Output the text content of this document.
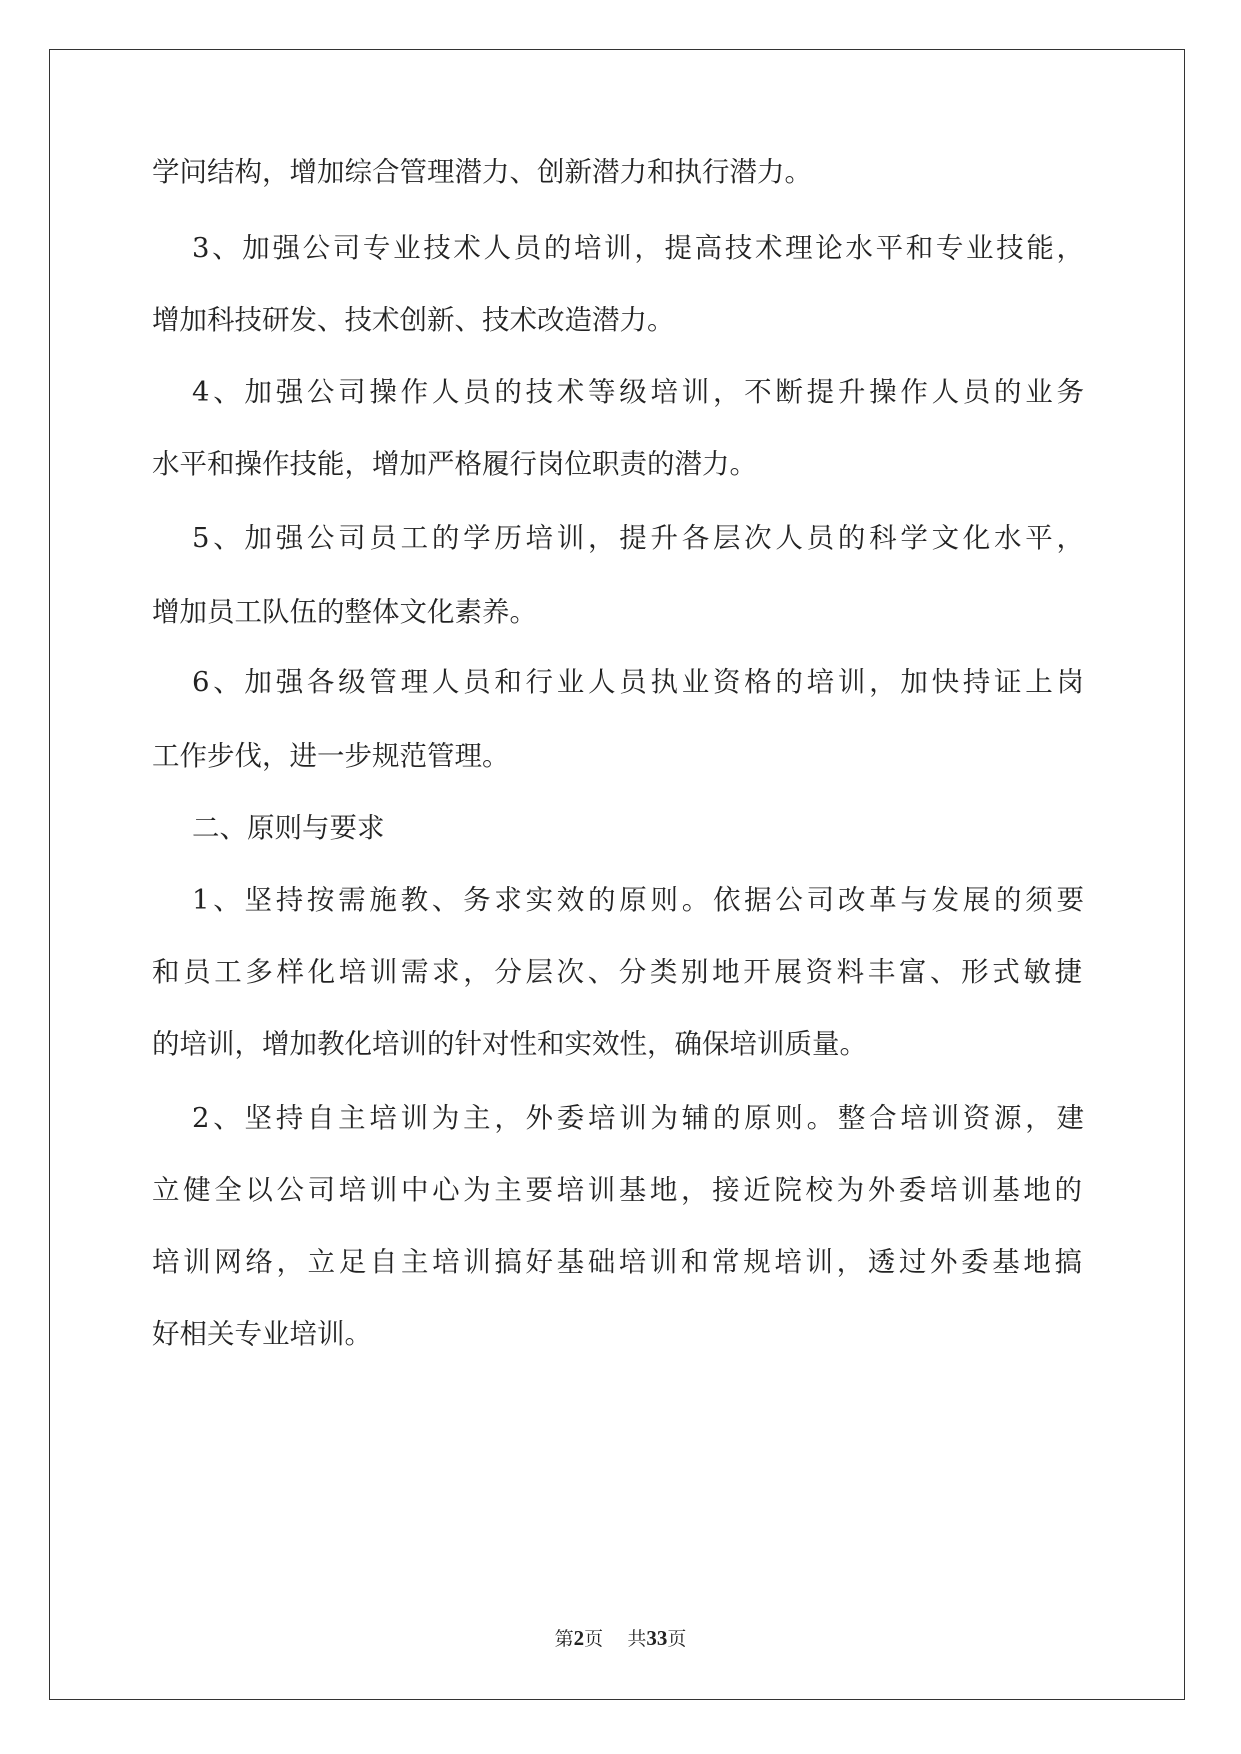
学问结构，增加综合管理潜力、创新潜力和执行潜力。
3、加强公司专业技术人员的培训，提高技术理论水平和专业技能，
增加科技研发、技术创新、技术改造潜力。
4、加强公司操作人员的技术等级培训，不断提升操作人员的业务
水平和操作技能，增加严格履行岗位职责的潜力。
5、加强公司员工的学历培训，提升各层次人员的科学文化水平，
增加员工队伍的整体文化素养。
6、加强各级管理人员和行业人员执业资格的培训，加快持证上岗
工作步伐，进一步规范管理。
二、原则与要求
1、坚持按需施教、务求实效的原则。依据公司改革与发展的须要
和员工多样化培训需求，分层次、分类别地开展资料丰富、形式敏捷
的培训，增加教化培训的针对性和实效性，确保培训质量。
2、坚持自主培训为主，外委培训为辅的原则。整合培训资源，建
立健全以公司培训中心为主要培训基地，接近院校为外委培训基地的
培训网络，立足自主培训搞好基础培训和常规培训，透过外委基地搞
好相关专业培训。
第2页    共33页
